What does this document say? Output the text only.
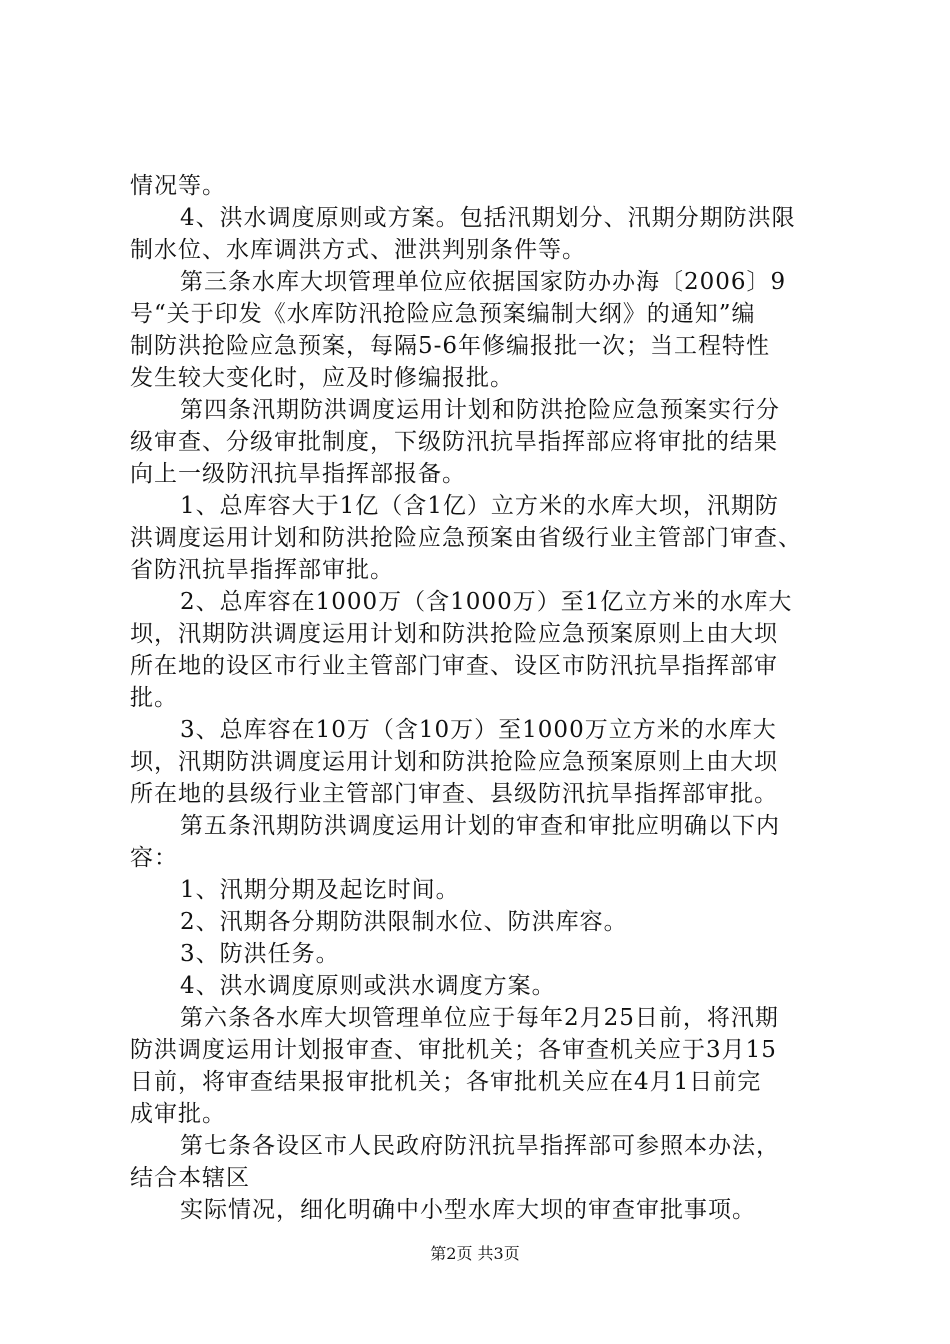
情况等。
4、洪水调度原则或方案。包括汛期划分、汛期分期防洪限
制水位、水库调洪方式、泄洪判别条件等。
第三条水库大坝管理单位应依据国家防办办海〔2006〕9
号“关于印发《水库防汛抢险应急预案编制大纲》的通知”编
制防洪抢险应急预案，每隔5-6年修编报批一次；当工程特性
发生较大变化时，应及时修编报批。
第四条汛期防洪调度运用计划和防洪抢险应急预案实行分
级审查、分级审批制度，下级防汛抗旱指挥部应将审批的结果
向上一级防汛抗旱指挥部报备。
1、总库容大于1亿（含1亿）立方米的水库大坝，汛期防
洪调度运用计划和防洪抢险应急预案由省级行业主管部门审查、
省防汛抗旱指挥部审批。
2、总库容在1000万（含1000万）至1亿立方米的水库大
坝，汛期防洪调度运用计划和防洪抢险应急预案原则上由大坝
所在地的设区市行业主管部门审查、设区市防汛抗旱指挥部审
批。
3、总库容在10万（含10万）至1000万立方米的水库大
坝，汛期防洪调度运用计划和防洪抢险应急预案原则上由大坝
所在地的县级行业主管部门审查、县级防汛抗旱指挥部审批。
第五条汛期防洪调度运用计划的审查和审批应明确以下内
容：
1、汛期分期及起讫时间。
2、汛期各分期防洪限制水位、防洪库容。
3、防洪任务。
4、洪水调度原则或洪水调度方案。
第六条各水库大坝管理单位应于每年2月25日前，将汛期
防洪调度运用计划报审查、审批机关；各审查机关应于3月15
日前，将审查结果报审批机关；各审批机关应在4月1日前完
成审批。
第七条各设区市人民政府防汛抗旱指挥部可参照本办法，
结合本辖区
实际情况，细化明确中小型水库大坝的审查审批事项。
第2页 共3页
